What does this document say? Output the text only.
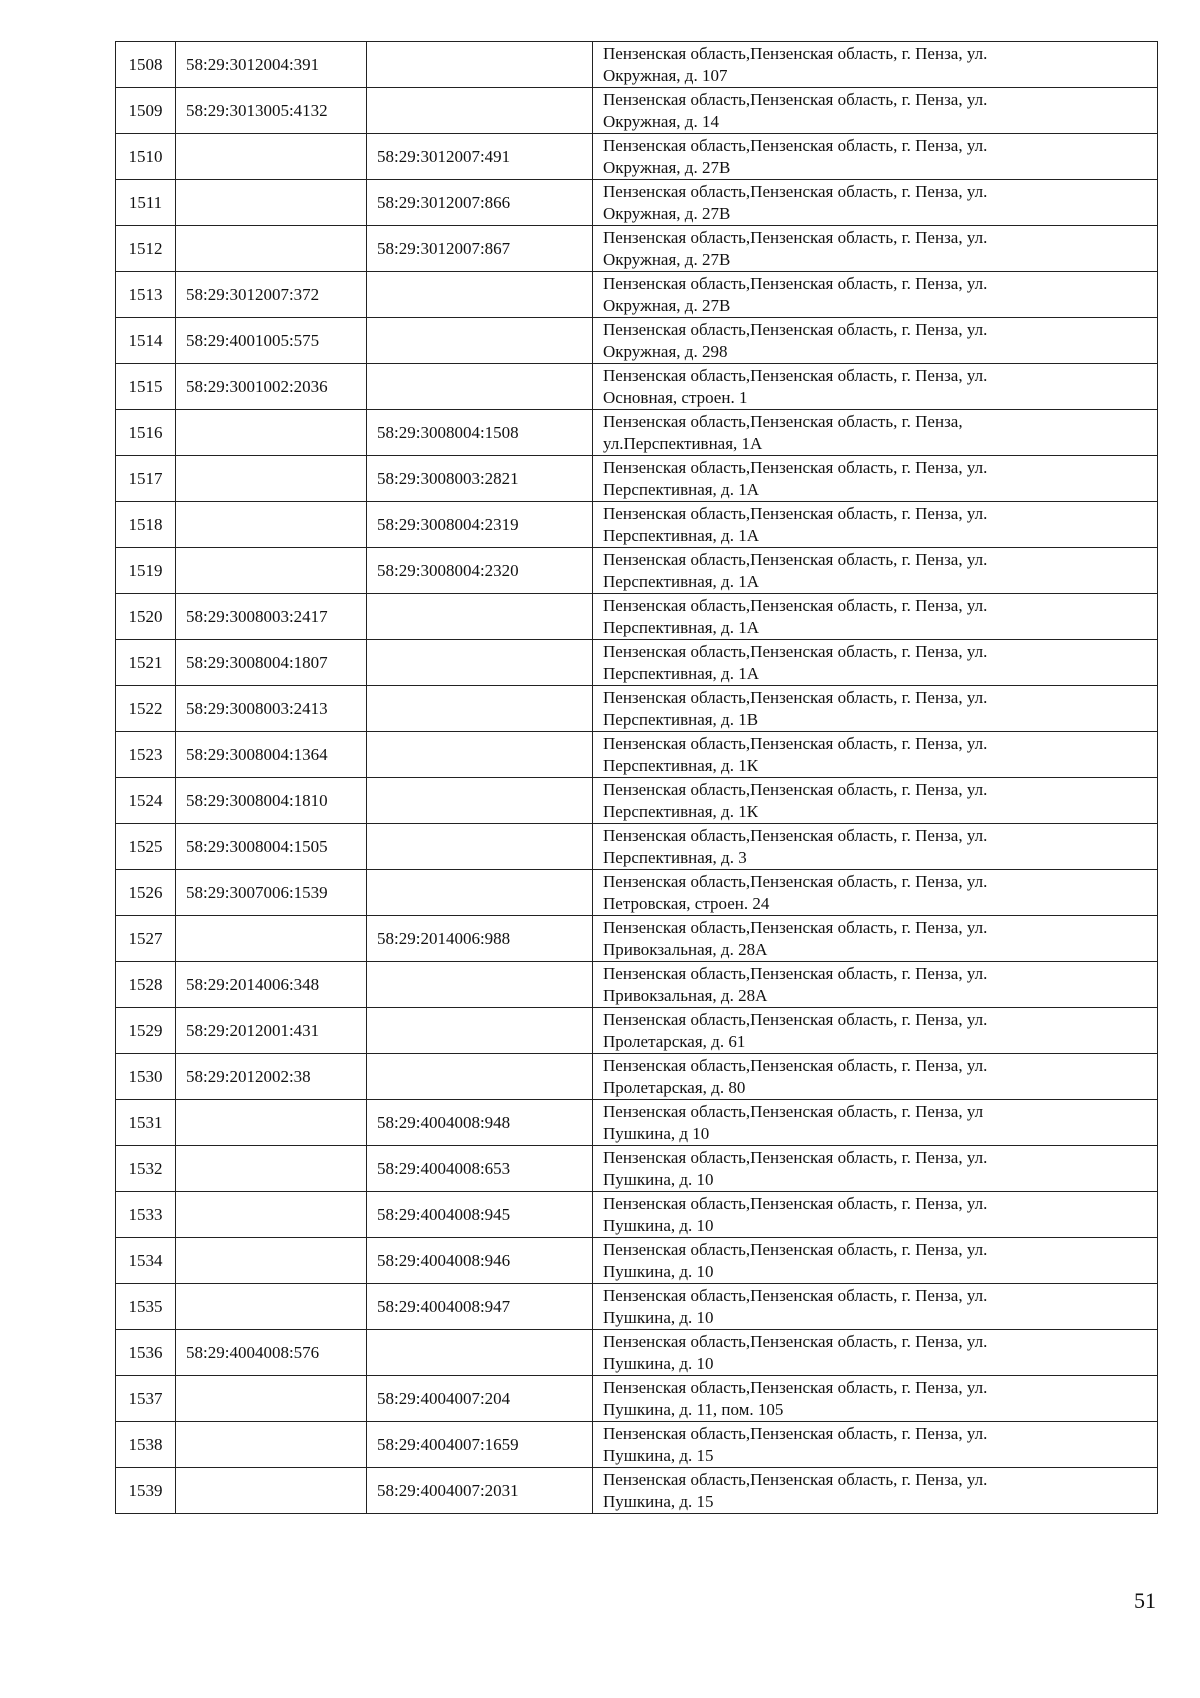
1508	58:29:3012004:391		Пензенская область,Пензенская область, г. Пенза, ул.
Окружная, д. 107

1509	58:29:3013005:4132		Пензенская область,Пензенская область, г. Пенза, ул.
Окружная, д. 14

1510		58:29:3012007:491	Пензенская область,Пензенская область, г. Пенза, ул.
Окружная, д. 27В

1511		58:29:3012007:866	Пензенская область,Пензенская область, г. Пенза, ул.
Окружная, д. 27В

1512		58:29:3012007:867	Пензенская область,Пензенская область, г. Пенза, ул.
Окружная, д. 27В

1513	58:29:3012007:372		Пензенская область,Пензенская область, г. Пенза, ул.
Окружная, д. 27В

1514	58:29:4001005:575		Пензенская область,Пензенская область, г. Пенза, ул.
Окружная, д. 298

1515	58:29:3001002:2036		Пензенская область,Пензенская область, г. Пенза, ул.
Основная, строен. 1

1516		58:29:3008004:1508	Пензенская область,Пензенская область, г. Пенза,
ул.Перспективная, 1А

1517		58:29:3008003:2821	Пензенская область,Пензенская область, г. Пенза, ул.
Перспективная, д. 1А

1518		58:29:3008004:2319	Пензенская область,Пензенская область, г. Пенза, ул.
Перспективная, д. 1А

1519		58:29:3008004:2320	Пензенская область,Пензенская область, г. Пенза, ул.
Перспективная, д. 1А

1520	58:29:3008003:2417		Пензенская область,Пензенская область, г. Пенза, ул.
Перспективная, д. 1А

1521	58:29:3008004:1807		Пензенская область,Пензенская область, г. Пенза, ул.
Перспективная, д. 1А

1522	58:29:3008003:2413		Пензенская область,Пензенская область, г. Пенза, ул.
Перспективная, д. 1В

1523	58:29:3008004:1364		Пензенская область,Пензенская область, г. Пенза, ул.
Перспективная, д. 1К

1524	58:29:3008004:1810		Пензенская область,Пензенская область, г. Пенза, ул.
Перспективная, д. 1К

1525	58:29:3008004:1505		Пензенская область,Пензенская область, г. Пенза, ул.
Перспективная, д. 3

1526	58:29:3007006:1539		Пензенская область,Пензенская область, г. Пенза, ул.
Петровская, строен. 24

1527		58:29:2014006:988	Пензенская область,Пензенская область, г. Пенза, ул.
Привокзальная, д. 28А

1528	58:29:2014006:348		Пензенская область,Пензенская область, г. Пенза, ул.
Привокзальная, д. 28А

1529	58:29:2012001:431		Пензенская область,Пензенская область, г. Пенза, ул.
Пролетарская, д. 61

1530	58:29:2012002:38		Пензенская область,Пензенская область, г. Пенза, ул.
Пролетарская, д. 80

1531		58:29:4004008:948	Пензенская область,Пензенская область, г. Пенза, ул
Пушкина, д 10

1532		58:29:4004008:653	Пензенская область,Пензенская область, г. Пенза, ул.
Пушкина, д. 10

1533		58:29:4004008:945	Пензенская область,Пензенская область, г. Пенза, ул.
Пушкина, д. 10

1534		58:29:4004008:946	Пензенская область,Пензенская область, г. Пенза, ул.
Пушкина, д. 10

1535		58:29:4004008:947	Пензенская область,Пензенская область, г. Пенза, ул.
Пушкина, д. 10

1536	58:29:4004008:576		Пензенская область,Пензенская область, г. Пенза, ул.
Пушкина, д. 10

1537		58:29:4004007:204	Пензенская область,Пензенская область, г. Пенза, ул.
Пушкина, д. 11, пом. 105

1538		58:29:4004007:1659	Пензенская область,Пензенская область, г. Пенза, ул.
Пушкина, д. 15

1539		58:29:4004007:2031	Пензенская область,Пензенская область, г. Пенза, ул.
Пушкина, д. 15
51
